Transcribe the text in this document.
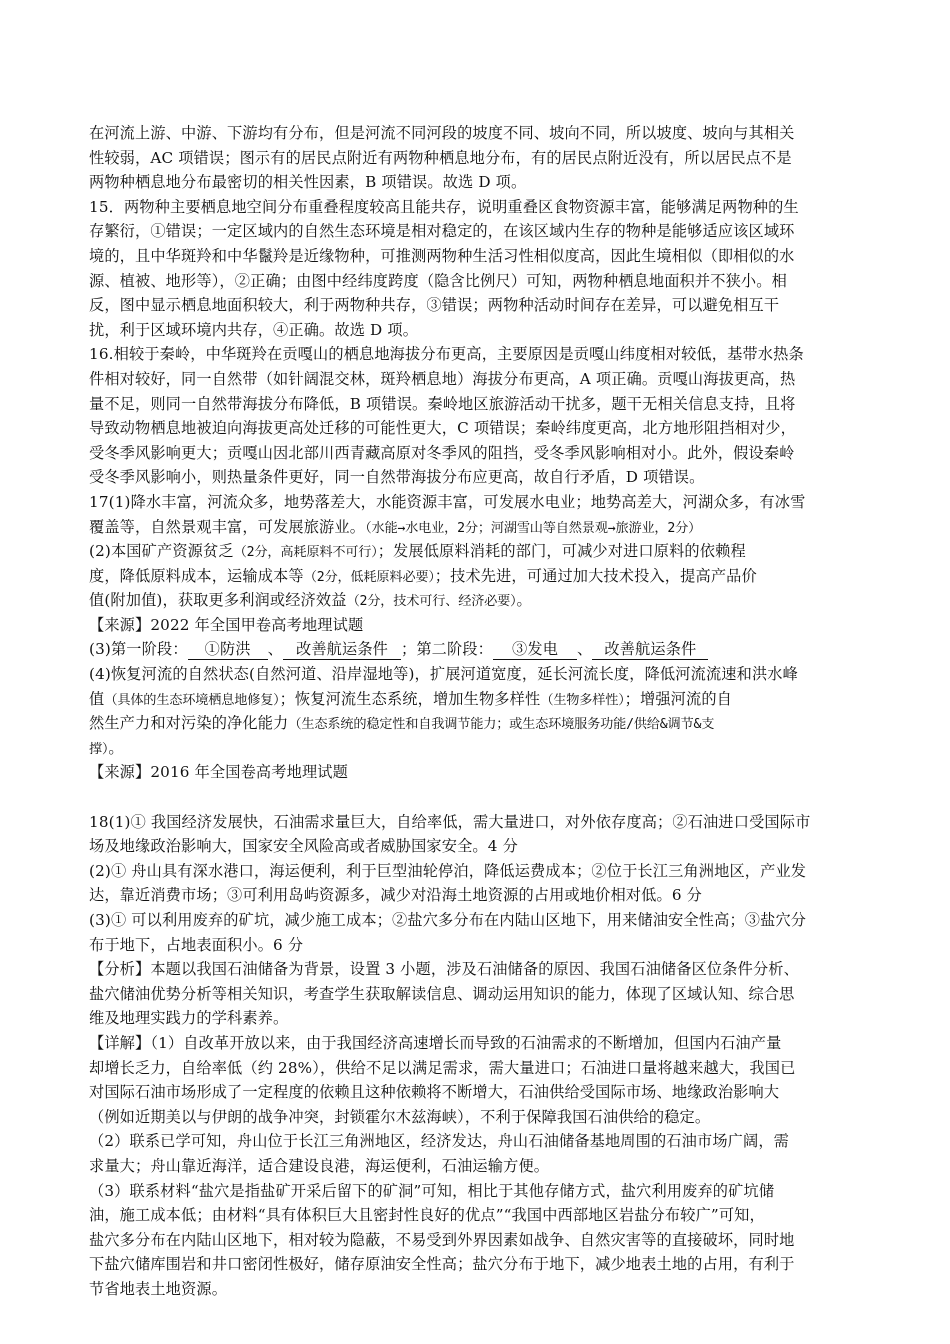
在河流上游、中游、下游均有分布，但是河流不同河段的坡度不同、坡向不同，所以坡度、坡向与其相关
性较弱，AC 项错误；图示有的居民点附近有两物种栖息地分布，有的居民点附近没有，所以居民点不是
两物种栖息地分布最密切的相关性因素，B 项错误。故选 D 项。
15．两物种主要栖息地空间分布重叠程度较高且能共存，说明重叠区食物资源丰富，能够满足两物种的生
存繁衍，①错误；一定区域内的自然生态环境是相对稳定的，在该区域内生存的物种是能够适应该区域环
境的，且中华斑羚和中华鬣羚是近缘物种，可推测两物种生活习性相似度高，因此生境相似（即相似的水
源、植被、地形等），②正确；由图中经纬度跨度（隐含比例尺）可知，两物种栖息地面积并不狭小。相
反，图中显示栖息地面积较大，利于两物种共存，③错误；两物种活动时间存在差异，可以避免相互干
扰，利于区域环境内共存，④正确。故选 D 项。
16.相较于秦岭，中华斑羚在贡嘎山的栖息地海拔分布更高，主要原因是贡嘎山纬度相对较低，基带水热条
件相对较好，同一自然带（如针阔混交林，斑羚栖息地）海拔分布更高，A 项正确。贡嘎山海拔更高，热
量不足，则同一自然带海拔分布降低，B 项错误。秦岭地区旅游活动干扰多，题干无相关信息支持，且将
导致动物栖息地被迫向海拔更高处迁移的可能性更大，C 项错误；秦岭纬度更高，北方地形阻挡相对少，
受冬季风影响更大；贡嘎山因北部川西青藏高原对冬季风的阻挡，受冬季风影响相对小。此外，假设秦岭
受冬季风影响小，则热量条件更好，同一自然带海拔分布应更高，故自行矛盾，D 项错误。
17(1)降水丰富，河流众多，地势落差大，水能资源丰富，可发展水电业；地势高差大，河湖众多，有冰雪
覆盖等，自然景观丰富，可发展旅游业。（水能→水电业，2分；河湖雪山等自然景观→旅游业，2分）
(2)本国矿产资源贫乏（2分，高耗原料不可行）；发展低原料消耗的部门，可减少对进口原料的依赖程
度，降低原料成本，运输成本等（2分，低耗原料必要）；技术先进，可通过加大技术投入，提高产品价
值(附加值)，获取更多利润或经济效益（2分，技术可行、经济必要）。
【来源】2022 年全国甲卷高考地理试题
(3)第一阶段： ①防洪 、 改善航运条件 ；第二阶段： ③发电 、 改善航运条件
(4)恢复河流的自然状态(自然河道、沿岸湿地等)，扩展河道宽度，延长河流长度，降低河流流速和洪水峰
值（具体的生态环境栖息地修复）；恢复河流生态系统，增加生物多样性（生物多样性）；增强河流的自
然生产力和对污染的净化能力（生态系统的稳定性和自我调节能力；或生态环境服务功能/供给&调节&支
撑）。
【来源】2016 年全国卷高考地理试题
18(1)① 我国经济发展快，石油需求量巨大，自给率低，需大量进口，对外依存度高；②石油进口受国际市
场及地缘政治影响大，国家安全风险高或者威胁国家安全。4 分
(2)① 舟山具有深水港口，海运便利，利于巨型油轮停泊，降低运费成本；②位于长江三角洲地区，产业发
达，靠近消费市场；③可利用岛屿资源多，减少对沿海土地资源的占用或地价相对低。6 分
(3)① 可以利用废弃的矿坑，减少施工成本；②盐穴多分布在内陆山区地下，用来储油安全性高；③盐穴分
布于地下，占地表面积小。6 分
【分析】本题以我国石油储备为背景，设置 3 小题，涉及石油储备的原因、我国石油储备区位条件分析、
盐穴储油优势分析等相关知识，考查学生获取解读信息、调动运用知识的能力，体现了区域认知、综合思
维及地理实践力的学科素养。
【详解】（1）自改革开放以来，由于我国经济高速增长而导致的石油需求的不断增加，但国内石油产量
却增长乏力，自给率低（约 28%），供给不足以满足需求，需大量进口；石油进口量将越来越大，我国已
对国际石油市场形成了一定程度的依赖且这种依赖将不断增大，石油供给受国际市场、地缘政治影响大
（例如近期美以与伊朗的战争冲突，封锁霍尔木兹海峡），不利于保障我国石油供给的稳定。
（2）联系已学可知，舟山位于长江三角洲地区，经济发达，舟山石油储备基地周围的石油市场广阔，需
求量大；舟山靠近海洋，适合建设良港，海运便利，石油运输方便。
（3）联系材料“盐穴是指盐矿开采后留下的矿洞”可知，相比于其他存储方式，盐穴利用废弃的矿坑储
油，施工成本低；由材料“具有体积巨大且密封性良好的优点”“我国中西部地区岩盐分布较广”可知，
盐穴多分布在内陆山区地下，相对较为隐蔽，不易受到外界因素如战争、自然灾害等的直接破坏，同时地
下盐穴储库围岩和井口密闭性极好，储存原油安全性高；盐穴分布于地下，减少地表土地的占用，有利于
节省地表土地资源。
